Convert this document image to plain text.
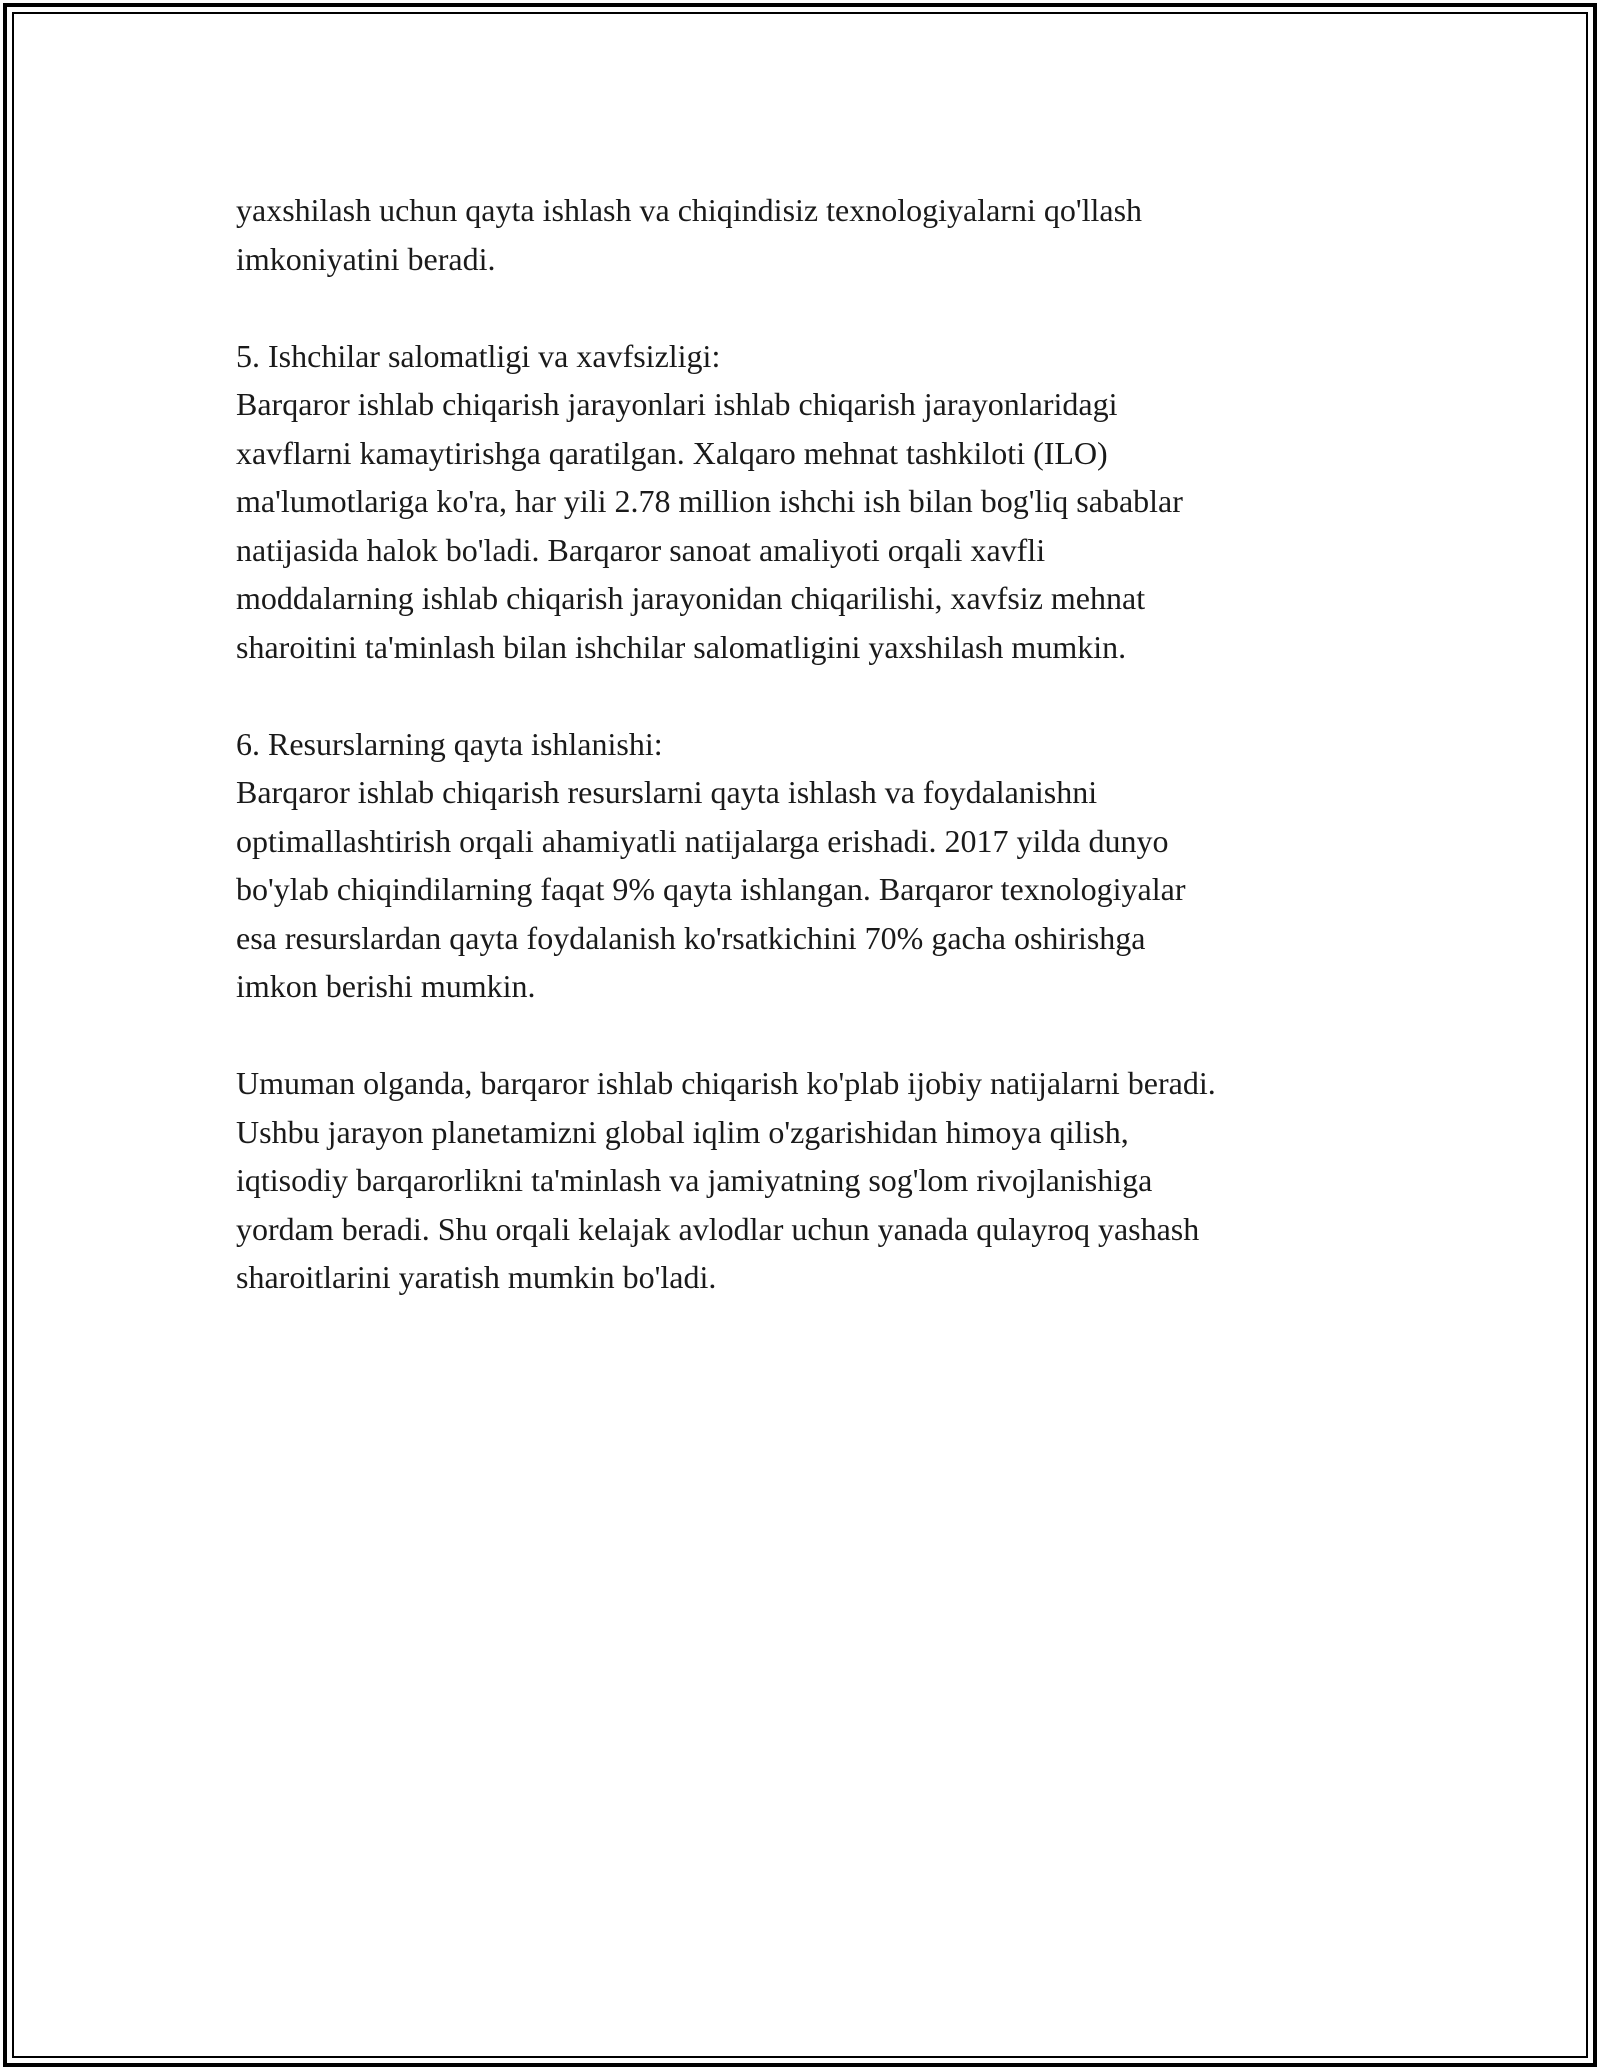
yaxshilash uchun qayta ishlash va chiqindisiz texnologiyalarni qo'llash
imkoniyatini beradi.

5. Ishchilar salomatligi va xavfsizligi:
Barqaror ishlab chiqarish jarayonlari ishlab chiqarish jarayonlaridagi
xavflarni kamaytirishga qaratilgan. Xalqaro mehnat tashkiloti (ILO)
ma'lumotlariga ko'ra, har yili 2.78 million ishchi ish bilan bog'liq sabablar
natijasida halok bo'ladi. Barqaror sanoat amaliyoti orqali xavfli
moddalarning ishlab chiqarish jarayonidan chiqarilishi, xavfsiz mehnat
sharoitini ta'minlash bilan ishchilar salomatligini yaxshilash mumkin.

6. Resurslarning qayta ishlanishi:
Barqaror ishlab chiqarish resurslarni qayta ishlash va foydalanishni
optimallashtirish orqali ahamiyatli natijalarga erishadi. 2017 yilda dunyo
bo'ylab chiqindilarning faqat 9% qayta ishlangan. Barqaror texnologiyalar
esa resurslardan qayta foydalanish ko'rsatkichini 70% gacha oshirishga
imkon berishi mumkin.

Umuman olganda, barqaror ishlab chiqarish ko'plab ijobiy natijalarni beradi.
Ushbu jarayon planetamizni global iqlim o'zgarishidan himoya qilish,
iqtisodiy barqarorlikni ta'minlash va jamiyatning sog'lom rivojlanishiga
yordam beradi. Shu orqali kelajak avlodlar uchun yanada qulayroq yashash
sharoitlarini yaratish mumkin bo'ladi.
